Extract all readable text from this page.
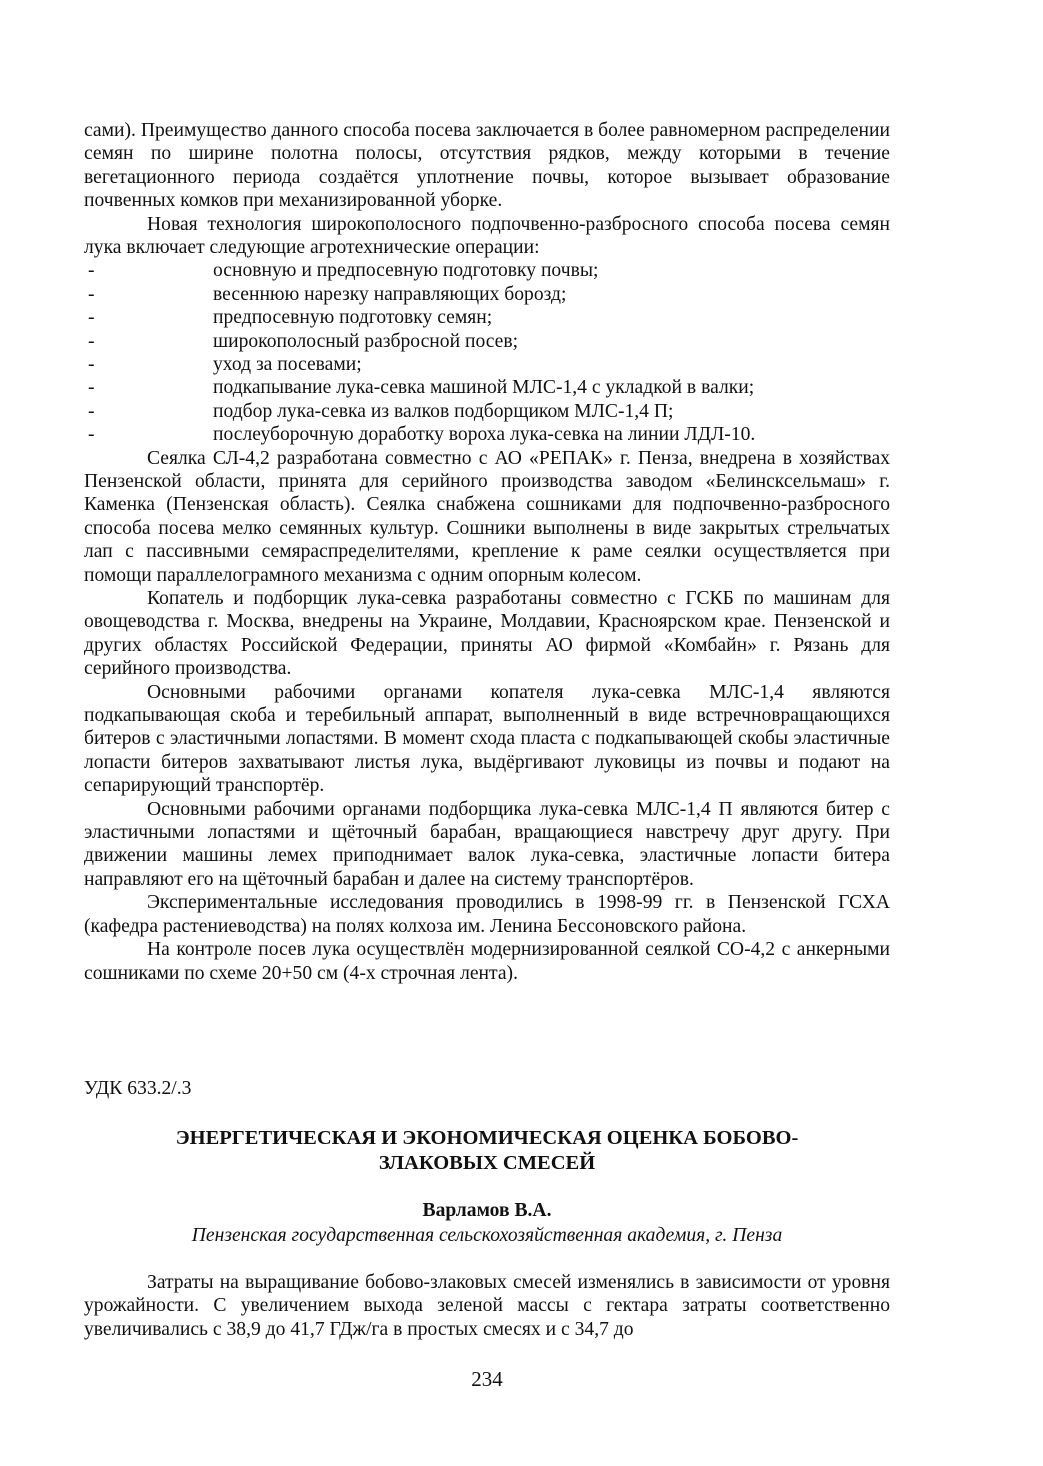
сами). Преимущество данного способа посева заключается в более равномерном распределении семян по ширине полотна полосы, отсутствия рядков, между которыми в течение вегетационного периода создаётся уплотнение почвы, которое вызывает образование почвенных комков при механизированной уборке.

Новая технология широкополосного подпочвенно-разбросного способа посева семян лука включает следующие агротехнические операции:

-	основную и предпосевную подготовку почвы;
-	весеннюю нарезку направляющих борозд;
-	предпосевную подготовку семян;
-	широкополосный разбросной посев;
-	уход за посевами;
-	подкапывание лука-севка машиной МЛС-1,4 с укладкой в валки;
-	подбор лука-севка из валков подборщиком МЛС-1,4 П;
-	послеуборочную доработку вороха лука-севка на линии ЛДЛ-10.

Сеялка СЛ-4,2 разработана совместно с АО «РЕПАК» г. Пенза, внедрена в хозяйствах Пензенской области, принята для серийного производства заводом «Белинсксельмаш» г. Каменка (Пензенская область). Сеялка снабжена сошниками для подпочвенно-разбросного способа посева мелко семянных культур. Сошники выполнены в виде закрытых стрельчатых лап с пассивными семяраспределителями, крепление к раме сеялки осуществляется при помощи параллелограмного механизма с одним опорным колесом.

Копатель и подборщик лука-севка разработаны совместно с ГСКБ по машинам для овощеводства г. Москва, внедрены на Украине, Молдавии, Красноярском крае. Пензенской и других областях Российской Федерации, приняты АО фирмой «Комбайн» г. Рязань для серийного производства.

Основными рабочими органами копателя лука-севка МЛС-1,4 являются подкапывающая скоба и теребильный аппарат, выполненный в виде встречновращающихся битеров с эластичными лопастями. В момент схода пласта с подкапывающей скобы эластичные лопасти битеров захватывают листья лука, выдёргивают луковицы из почвы и подают на сепарирующий транспортёр.

Основными рабочими органами подборщика лука-севка МЛС-1,4 П являются битер с эластичными лопастями и щёточный барабан, вращающиеся навстречу друг другу. При движении машины лемех приподнимает валок лука-севка, эластичные лопасти битера направляют его на щёточный барабан и далее на систему транспортёров.

Экспериментальные исследования проводились в 1998-99 гг. в Пензенской ГСХА (кафедра растениеводства) на полях колхоза им. Ленина Бессоновского района.

На контроле посев лука осуществлён модернизированной сеялкой СО-4,2 с анкерными сошниками по схеме 20+50 см (4-х строчная лента).

УДК 633.2/.3
ЭНЕРГЕТИЧЕСКАЯ И ЭКОНОМИЧЕСКАЯ ОЦЕНКА БОБОВО-
ЗЛАКОВЫХ СМЕСЕЙ
Варламов В.А.
Пензенская государственная сельскохозяйственная академия, г. Пенза

Затраты на выращивание бобово-злаковых смесей изменялись в зависимости от уровня урожайности. С увеличением выхода зеленой массы с гектара затраты соответственно увеличивались с 38,9 до 41,7 ГДж/га в простых смесях и с 34,7 до

234
